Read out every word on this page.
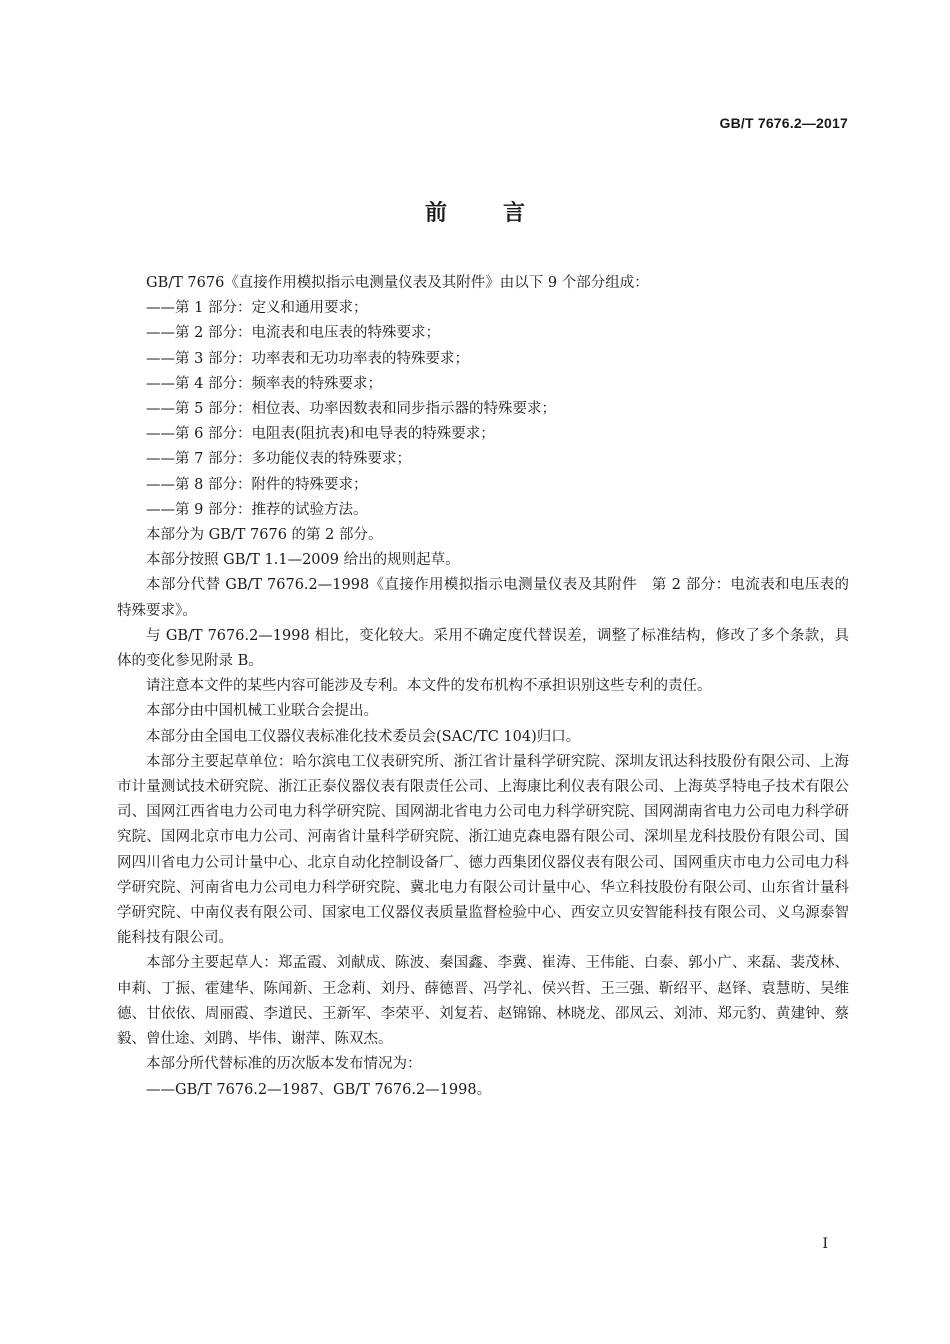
GB/T 7676.2—2017
前	言

GB/T 7676《直接作用模拟指示电测量仪表及其附件》由以下 9 个部分组成：

——第 1 部分：定义和通用要求；

——第 2 部分：电流表和电压表的特殊要求；

——第 3 部分：功率表和无功功率表的特殊要求；

——第 4 部分：频率表的特殊要求；

——第 5 部分：相位表、功率因数表和同步指示器的特殊要求；

——第 6 部分：电阻表(阻抗表)和电导表的特殊要求；

——第 7 部分：多功能仪表的特殊要求；

——第 8 部分：附件的特殊要求；

——第 9 部分：推荐的试验方法。

本部分为 GB/T 7676 的第 2 部分。

本部分按照 GB/T 1.1—2009 给出的规则起草。

本部分代替 GB/T 7676.2—1998《直接作用模拟指示电测量仪表及其附件　第 2 部分：电流表和电压表的特殊要求》。

与 GB/T 7676.2—1998 相比，变化较大。采用不确定度代替误差，调整了标准结构，修改了多个条款，具体的变化参见附录 B。

请注意本文件的某些内容可能涉及专利。本文件的发布机构不承担识别这些专利的责任。

本部分由中国机械工业联合会提出。

本部分由全国电工仪器仪表标准化技术委员会(SAC/TC 104)归口。

本部分主要起草单位：哈尔滨电工仪表研究所、浙江省计量科学研究院、深圳友讯达科技股份有限公司、上海市计量测试技术研究院、浙江正泰仪器仪表有限责任公司、上海康比利仪表有限公司、上海英孚特电子技术有限公司、国网江西省电力公司电力科学研究院、国网湖北省电力公司电力科学研究院、国网湖南省电力公司电力科学研究院、国网北京市电力公司、河南省计量科学研究院、浙江迪克森电器有限公司、深圳星龙科技股份有限公司、国网四川省电力公司计量中心、北京自动化控制设备厂、德力西集团仪器仪表有限公司、国网重庆市电力公司电力科学研究院、河南省电力公司电力科学研究院、冀北电力有限公司计量中心、华立科技股份有限公司、山东省计量科学研究院、中南仪表有限公司、国家电工仪器仪表质量监督检验中心、西安立贝安智能科技有限公司、义乌源泰智能科技有限公司。

本部分主要起草人：郑孟霞、刘献成、陈波、秦国鑫、李冀、崔涛、王伟能、白泰、郭小广、来磊、裴茂林、申莉、丁振、霍建华、陈闻新、王念莉、刘丹、薛德晋、冯学礼、侯兴哲、王三强、靳绍平、赵铎、袁慧昉、吴维德、甘依依、周丽霞、李道民、王新军、李荣平、刘复若、赵锦锦、林晓龙、邵凤云、刘沛、郑元豹、黄建钟、蔡毅、曾仕途、刘鹍、毕伟、谢萍、陈双杰。

本部分所代替标准的历次版本发布情况为：

——GB/T 7676.2—1987、GB/T 7676.2—1998。

I
